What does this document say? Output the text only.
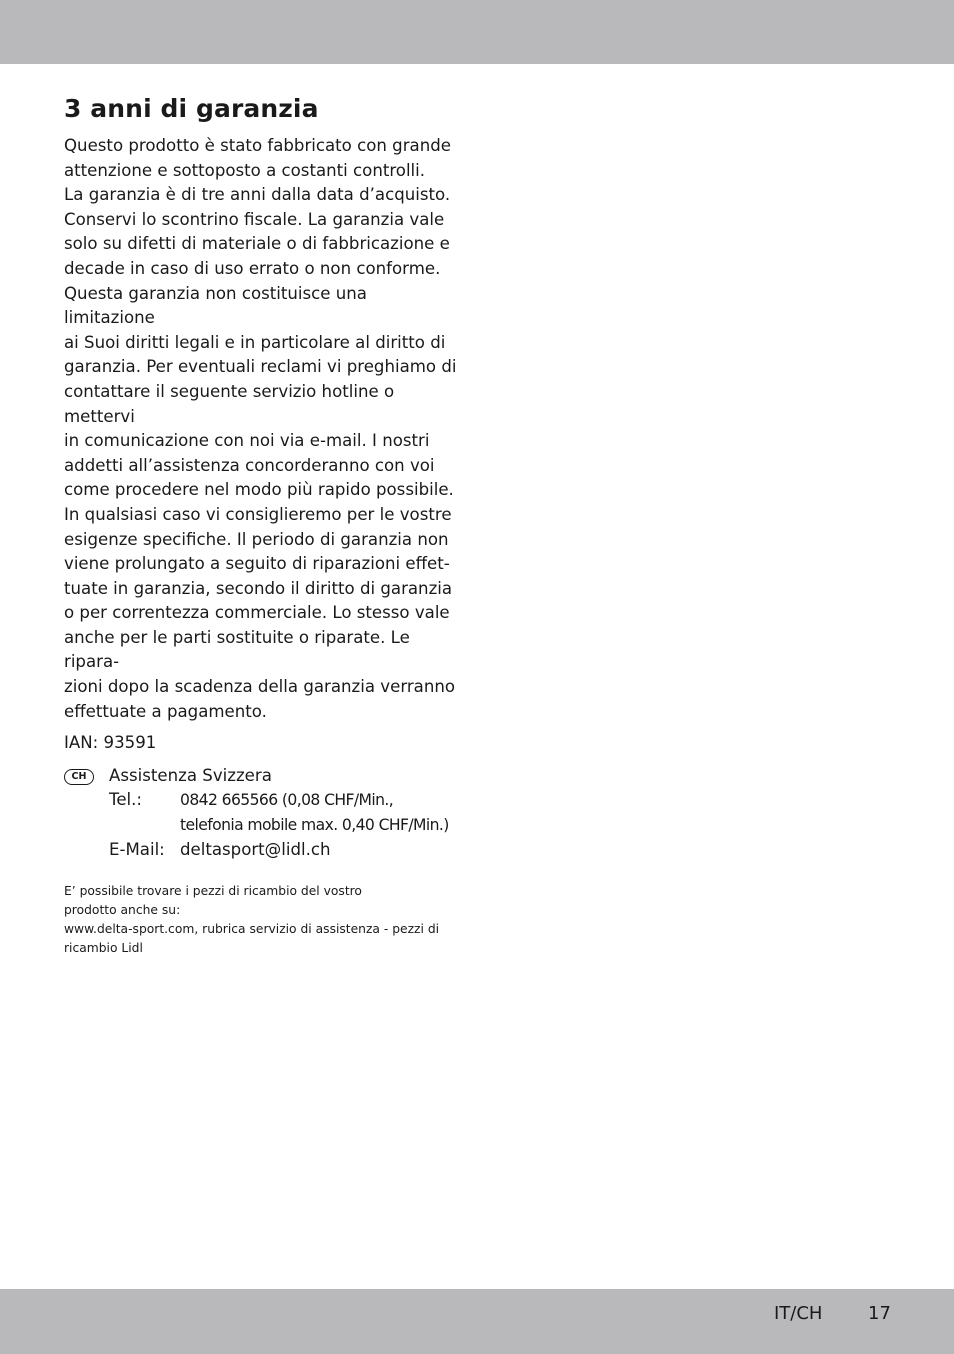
3 anni di garanzia

Questo prodotto è stato fabbricato con grande
attenzione e sottoposto a costanti controlli.
La garanzia è di tre anni dalla data d’acquisto.
Conservi lo scontrino fiscale. La garanzia vale
solo su difetti di materiale o di fabbricazione e
decade in caso di uso errato o non conforme.
Questa garanzia non costituisce una limitazione
ai Suoi diritti legali e in particolare al diritto di
garanzia. Per eventuali reclami vi preghiamo di
contattare il seguente servizio hotline o mettervi
in comunicazione con noi via e-mail. I nostri
addetti all’assistenza concorderanno con voi
come procedere nel modo più rapido possibile.
In qualsiasi caso vi consiglieremo per le vostre
esigenze specifiche. Il periodo di garanzia non
viene prolungato a seguito di riparazioni effet-
tuate in garanzia, secondo il diritto di garanzia
o per correntezza commerciale. Lo stesso vale
anche per le parti sostituite o riparate. Le ripara-
zioni dopo la scadenza della garanzia verranno
effettuate a pagamento.

IAN: 93591
CH	Assistenza Svizzera
Tel.:	0842 665566 (0,08 CHF/Min.,
telefonia mobile max. 0,40 CHF/Min.)
E-Mail: deltasport@lidl.ch

E’ possibile trovare i pezzi di ricambio del vostro
prodotto anche su:

www.delta-sport.com, rubrica servizio di assistenza - pezzi di
ricambio Lidl

IT/CH	17
